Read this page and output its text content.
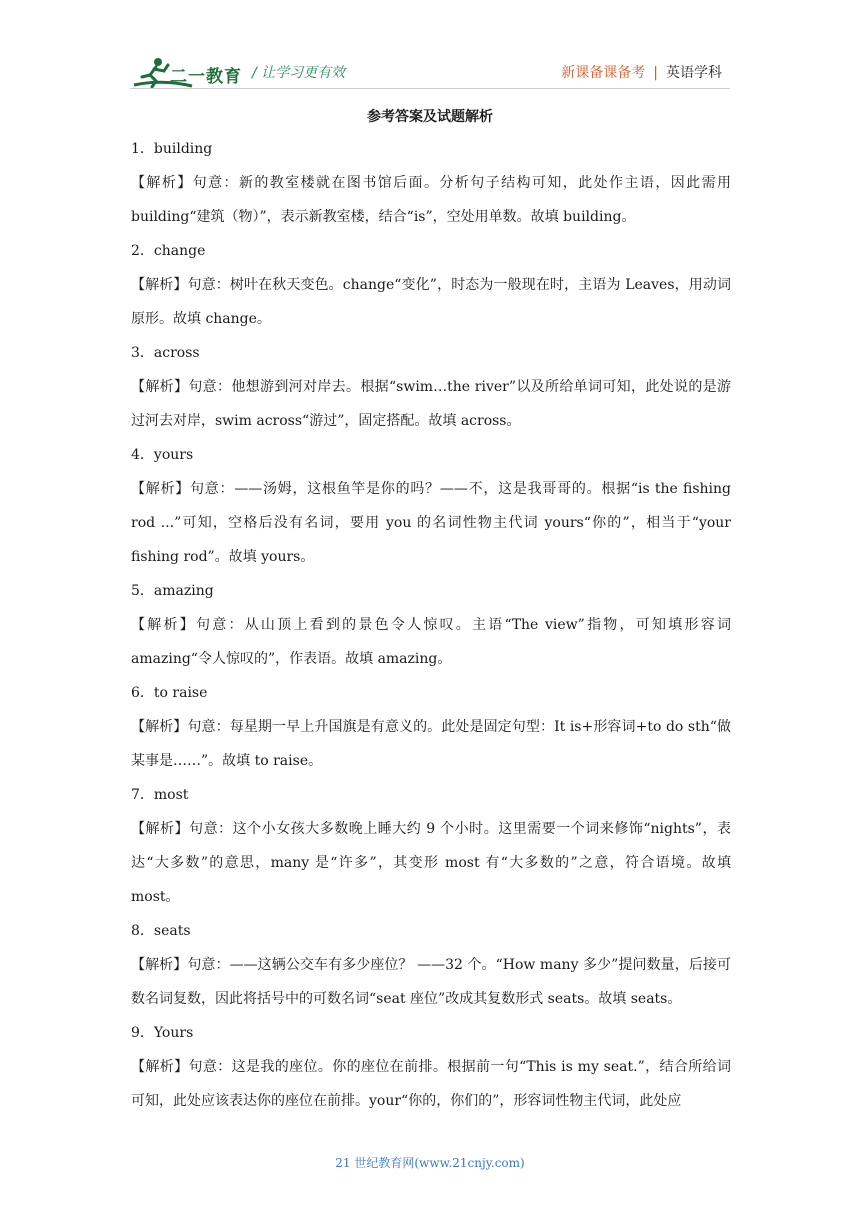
二一教育 / 让学习更有效	新课备课备考 | 英语学科
参考答案及试题解析

1．building

【解析】句意：新的教室楼就在图书馆后面。分析句子结构可知，此处作主语，因此需用building“建筑（物）”，表示新教室楼，结合“is”，空处用单数。故填 building。

2．change

【解析】句意：树叶在秋天变色。change“变化”，时态为一般现在时，主语为 Leaves，用动词原形。故填 change。

3．across

【解析】句意：他想游到河对岸去。根据“swim…the river”以及所给单词可知，此处说的是游过河去对岸，swim across“游过”，固定搭配。故填 across。

4．yours

【解析】句意：——汤姆，这根鱼竿是你的吗？——不，这是我哥哥的。根据“is the fishing rod ...”可知，空格后没有名词，要用 you 的名词性物主代词 yours“你的”，相当于“your fishing rod”。故填 yours。

5．amazing

【解析】句意：从山顶上看到的景色令人惊叹。主语“The view”指物，可知填形容词amazing“令人惊叹的”，作表语。故填 amazing。

6．to raise

【解析】句意：每星期一早上升国旗是有意义的。此处是固定句型：It is+形容词+to do sth“做某事是……”。故填 to raise。

7．most

【解析】句意：这个小女孩大多数晚上睡大约 9 个小时。这里需要一个词来修饰“nights”，表达“大多数”的意思，many 是“许多”，其变形 most 有“大多数的”之意，符合语境。故填 most。

8．seats

【解析】句意：——这辆公交车有多少座位？ ——32 个。“How many 多少”提问数量，后接可数名词复数，因此将括号中的可数名词“seat 座位”改成其复数形式 seats。故填 seats。

9．Yours

【解析】句意：这是我的座位。你的座位在前排。根据前一句“This is my seat.”，结合所给词可知，此处应该表达你的座位在前排。your“你的，你们的”，形容词性物主代词，此处应

21 世纪教育网(www.21cnjy.com)
